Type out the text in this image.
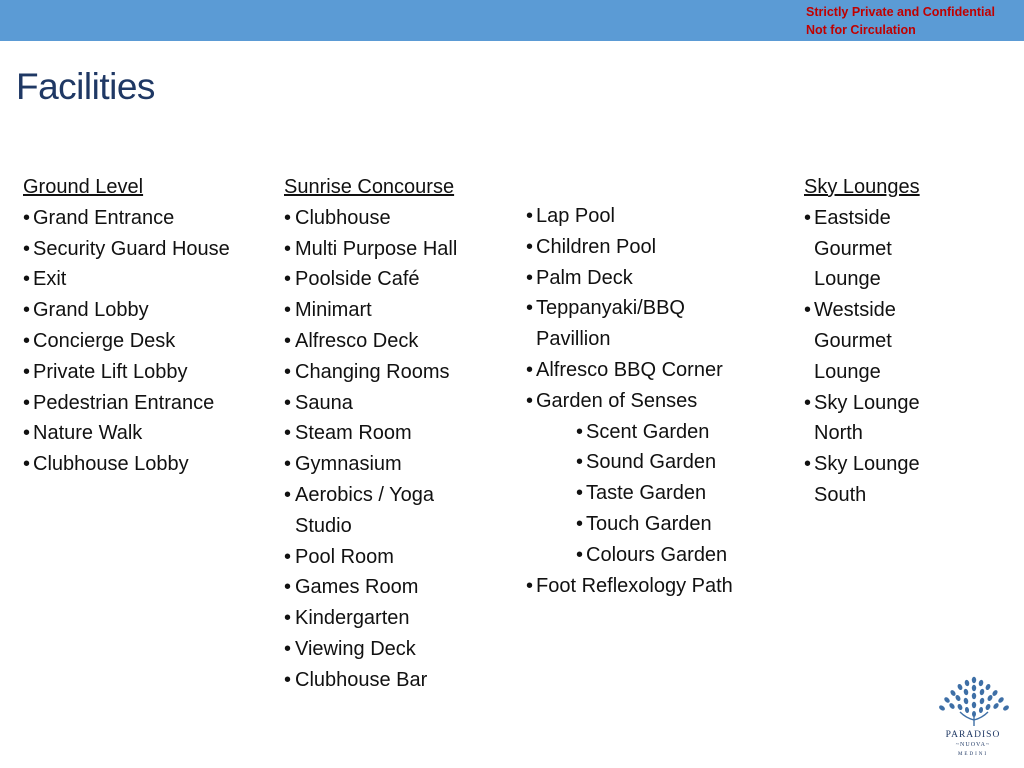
Strictly Private and Confidential
Not for Circulation
Facilities
Ground Level
• Grand Entrance
• Security Guard House
• Exit
• Grand Lobby
• Concierge Desk
• Private Lift Lobby
• Pedestrian Entrance
• Nature Walk
• Clubhouse Lobby
Sunrise Concourse
• Clubhouse
• Multi Purpose Hall
• Poolside Café
• Minimart
• Alfresco Deck
• Changing Rooms
• Sauna
• Steam Room
• Gymnasium
• Aerobics / Yoga Studio
• Pool Room
• Games Room
• Kindergarten
• Viewing Deck
• Clubhouse Bar
• Lap Pool
• Children Pool
• Palm Deck
• Teppanyaki/BBQ Pavillion
• Alfresco BBQ Corner
• Garden of Senses
• Scent Garden
• Sound Garden
• Taste Garden
• Touch Garden
• Colours Garden
• Foot Reflexology Path
Sky Lounges
• Eastside Gourmet Lounge
• Westside Gourmet Lounge
• Sky Lounge North
• Sky Lounge South
PARADISO
~NUOVA~
MEDINI
